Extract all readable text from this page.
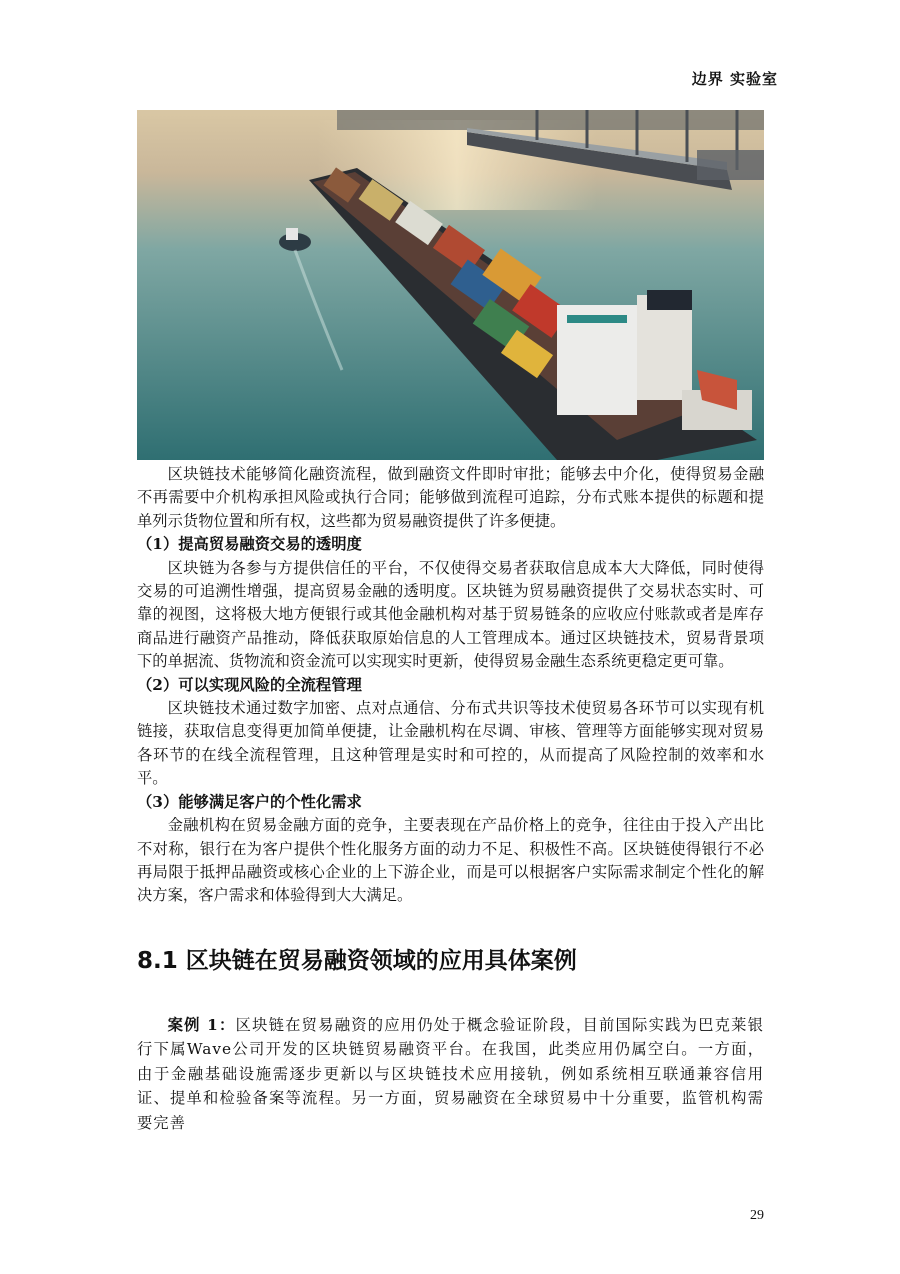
边界 实验室

区块链技术能够简化融资流程，做到融资文件即时审批；能够去中介化，使得贸易金融不再需要中介机构承担风险或执行合同；能够做到流程可追踪，分布式账本提供的标题和提单列示货物位置和所有权，这些都为贸易融资提供了许多便捷。

（1）提高贸易融资交易的透明度

区块链为各参与方提供信任的平台，不仅使得交易者获取信息成本大大降低，同时使得交易的可追溯性增强，提高贸易金融的透明度。区块链为贸易融资提供了交易状态实时、可靠的视图，这将极大地方便银行或其他金融机构对基于贸易链条的应收应付账款或者是库存商品进行融资产品推动，降低获取原始信息的人工管理成本。通过区块链技术，贸易背景项下的单据流、货物流和资金流可以实现实时更新，使得贸易金融生态系统更稳定更可靠。

（2）可以实现风险的全流程管理

区块链技术通过数字加密、点对点通信、分布式共识等技术使贸易各环节可以实现有机链接，获取信息变得更加简单便捷，让金融机构在尽调、审核、管理等方面能够实现对贸易各环节的在线全流程管理，且这种管理是实时和可控的，从而提高了风险控制的效率和水平。

（3）能够满足客户的个性化需求

金融机构在贸易金融方面的竞争，主要表现在产品价格上的竞争，往往由于投入产出比不对称，银行在为客户提供个性化服务方面的动力不足、积极性不高。区块链使得银行不必再局限于抵押品融资或核心企业的上下游企业，而是可以根据客户实际需求制定个性化的解决方案，客户需求和体验得到大大满足。

8.1 区块链在贸易融资领域的应用具体案例

案例 1：区块链在贸易融资的应用仍处于概念验证阶段，目前国际实践为巴克莱银行下属Wave公司开发的区块链贸易融资平台。在我国，此类应用仍属空白。一方面，由于金融基础设施需逐步更新以与区块链技术应用接轨，例如系统相互联通兼容信用证、提单和检验备案等流程。另一方面，贸易融资在全球贸易中十分重要，监管机构需要完善

29
